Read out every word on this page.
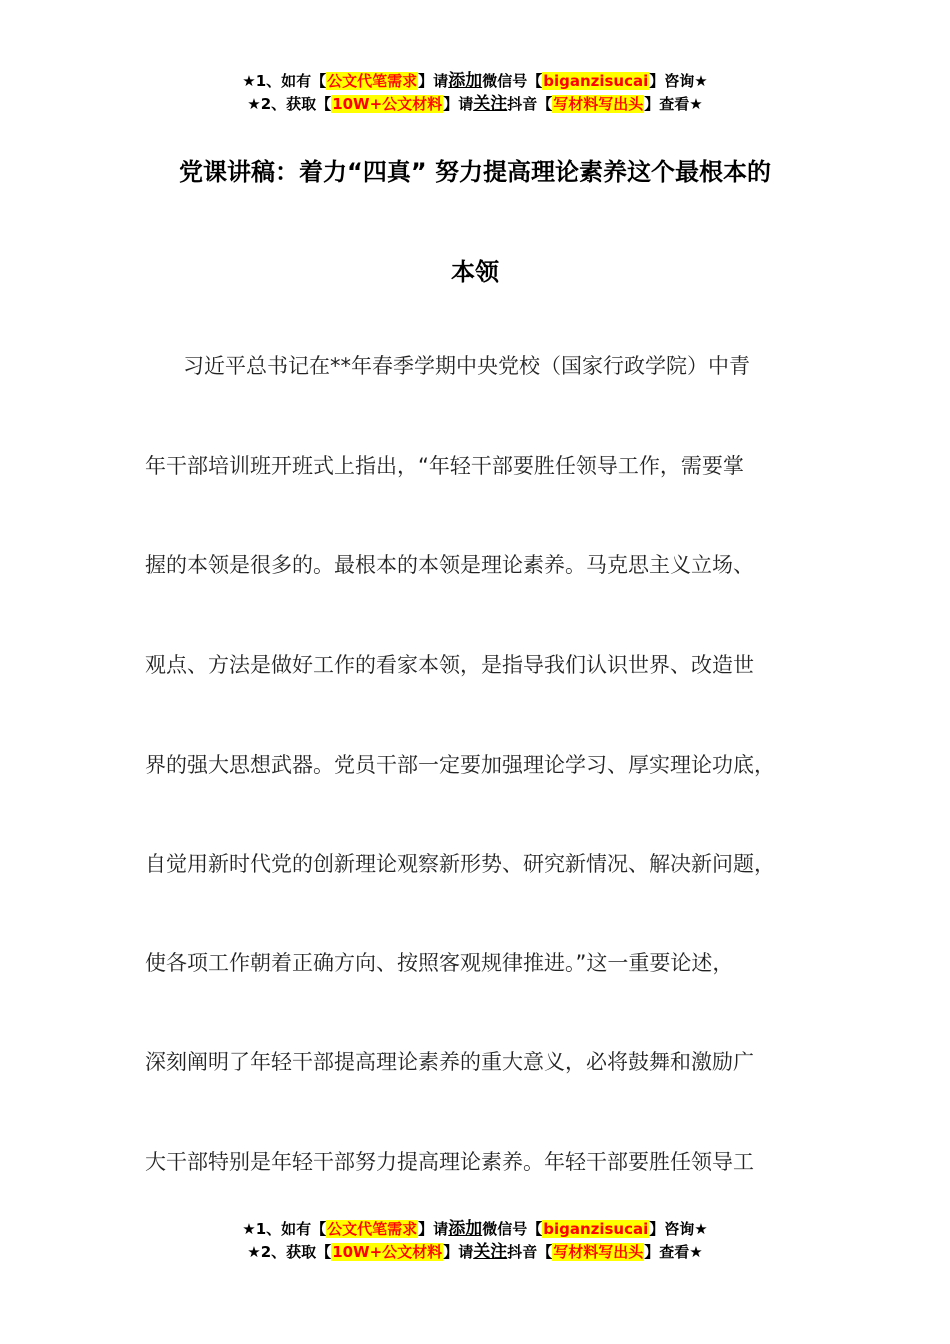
★1、如有【公文代笔需求】请添加微信号【biganzisucai】咨询★
★2、获取【10W+公文材料】请关注抖音【写材料写出头】查看★
党课讲稿：着力“四真” 努力提高理论素养这个最根本的
本领
习近平总书记在**年春季学期中央党校（国家行政学院）中青
年干部培训班开班式上指出，“年轻干部要胜任领导工作，需要掌
握的本领是很多的。最根本的本领是理论素养。马克思主义立场、
观点、方法是做好工作的看家本领，是指导我们认识世界、改造世
界的强大思想武器。党员干部一定要加强理论学习、厚实理论功底，
自觉用新时代党的创新理论观察新形势、研究新情况、解决新问题，
使各项工作朝着正确方向、按照客观规律推进。”这一重要论述，
深刻阐明了年轻干部提高理论素养的重大意义，必将鼓舞和激励广
大干部特别是年轻干部努力提高理论素养。年轻干部要胜任领导工
★1、如有【公文代笔需求】请添加微信号【biganzisucai】咨询★
★2、获取【10W+公文材料】请关注抖音【写材料写出头】查看★
